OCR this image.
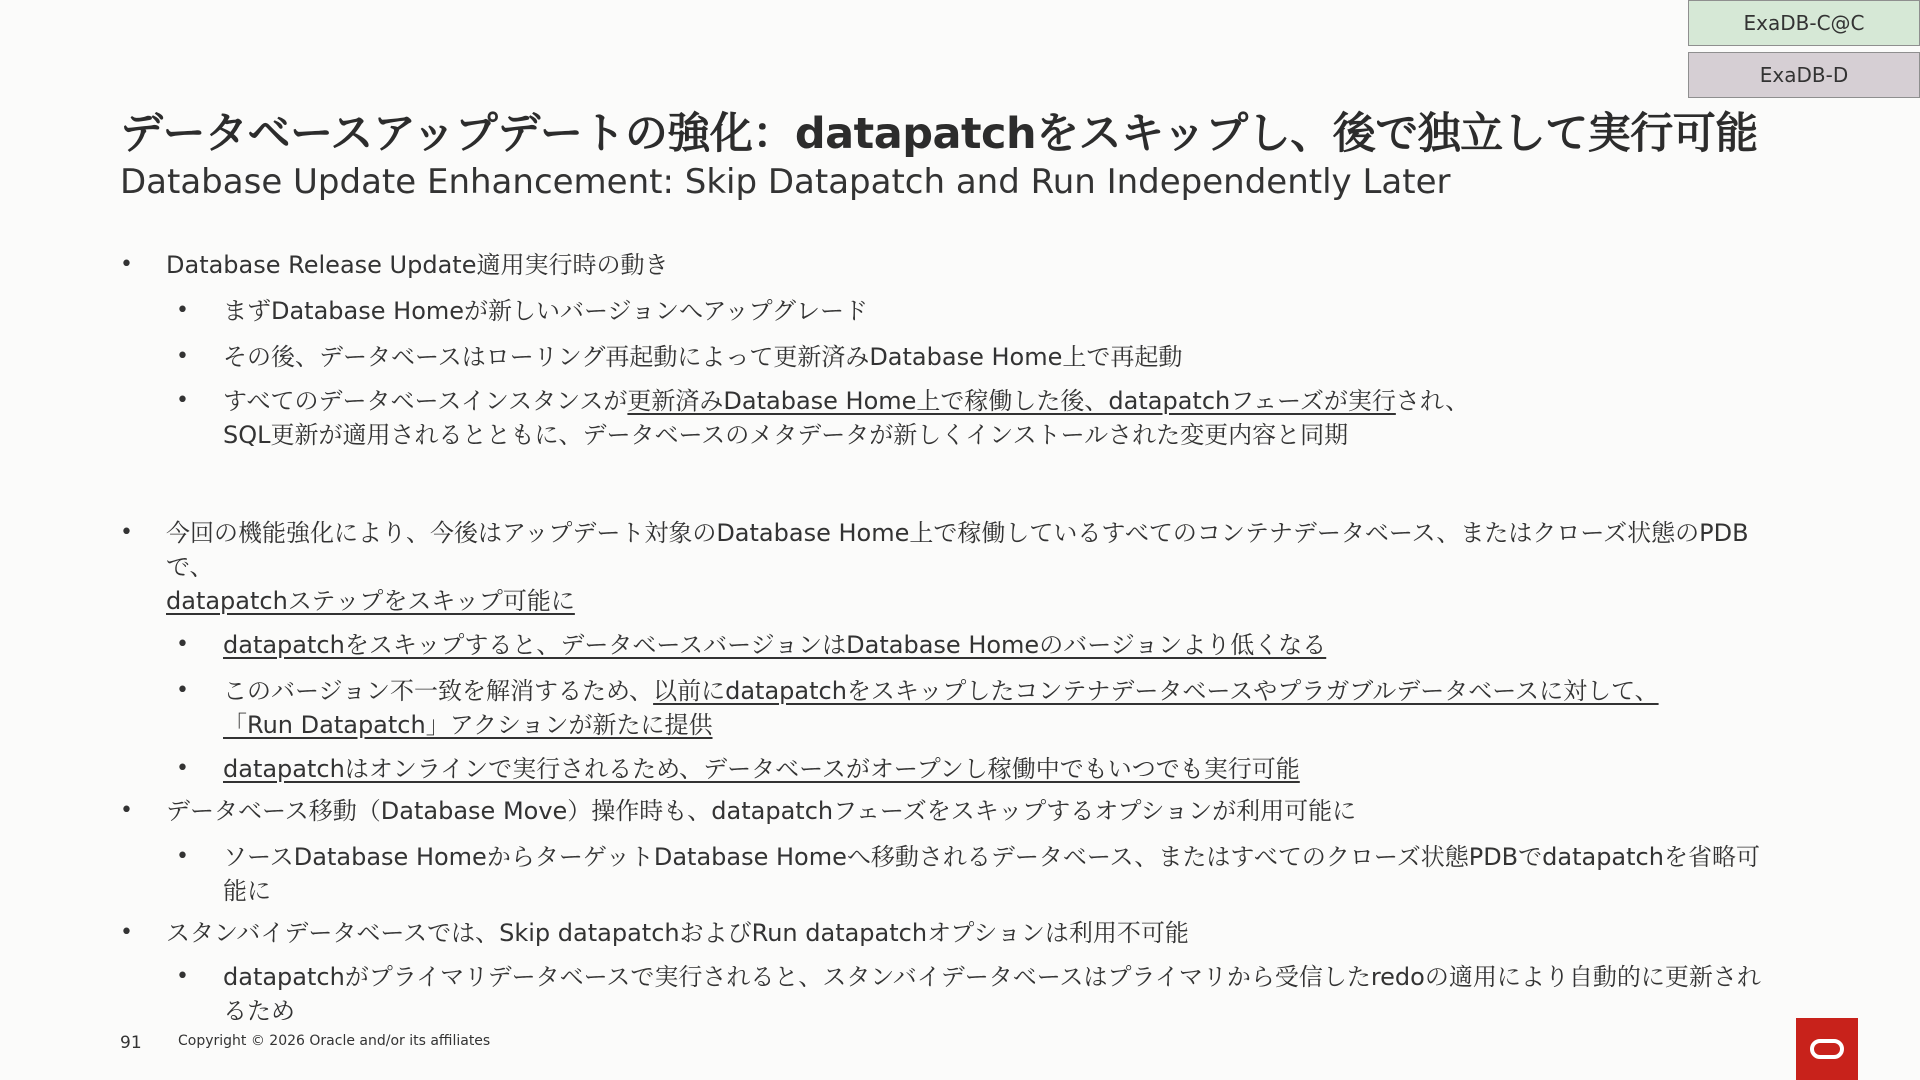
ExaDB-C@C
ExaDB-D
データベースアップデートの強化：datapatchをスキップし、後で独立して実行可能
Database Update Enhancement: Skip Datapatch and Run Independently Later
• Database Release Update適用実行時の動き
• まずDatabase Homeが新しいバージョンへアップグレード
• その後、データベースはローリング再起動によって更新済みDatabase Home上で再起動
• すべてのデータベースインスタンスが更新済みDatabase Home上で稼働した後、datapatchフェーズが実行され、
SQL更新が適用されるとともに、データベースのメタデータが新しくインストールされた変更内容と同期
• 今回の機能強化により、今後はアップデート対象のDatabase Home上で稼働しているすべてのコンテナデータベース、またはクローズ状態のPDBで、
datapatchステップをスキップ可能に
• datapatchをスキップすると、データベースバージョンはDatabase Homeのバージョンより低くなる
• このバージョン不一致を解消するため、以前にdatapatchをスキップしたコンテナデータベースやプラガブルデータベースに対して、
「Run Datapatch」アクションが新たに提供
• datapatchはオンラインで実行されるため、データベースがオープンし稼働中でもいつでも実行可能
• データベース移動（Database Move）操作時も、datapatchフェーズをスキップするオプションが利用可能に
• ソースDatabase HomeからターゲットDatabase Homeへ移動されるデータベース、またはすべてのクローズ状態PDBでdatapatchを省略可能に
• スタンバイデータベースでは、Skip datapatchおよびRun datapatchオプションは利用不可能
• datapatchがプライマリデータベースで実行されると、スタンバイデータベースはプライマリから受信したredoの適用により自動的に更新されるため
91	Copyright © 2026 Oracle and/or its affiliates
